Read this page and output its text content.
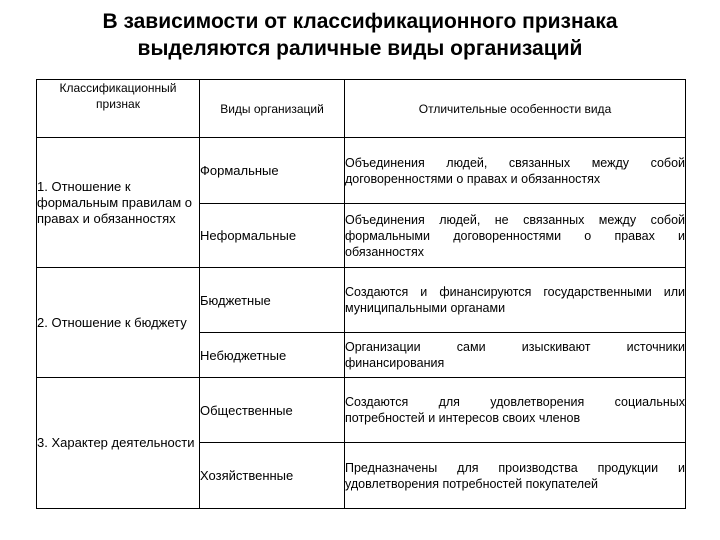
В зависимости от классификационного признака
выделяются раличные виды организаций
Классификационный признак	Виды организаций	Отличительные особенности вида
1. Отношение к формальным правилам о правах и обязанностях	Формальные	Объединения людей, связанных между собой договоренностями о правах и обязанностях
	Неформальные	Объединения людей, не связанных между собой формальными договоренностями о правах и обязанностях
2. Отношение к бюджету	Бюджетные	Создаются и финансируются государственными или муниципальными органами
	Небюджетные	Организации сами изыскивают источники финансирования
3. Характер деятельности	Общественные	Создаются для удовлетворения социальных потребностей и интересов своих членов
	Хозяйственные	Предназначены для производства продукции и удовлетворения потребностей покупателей
